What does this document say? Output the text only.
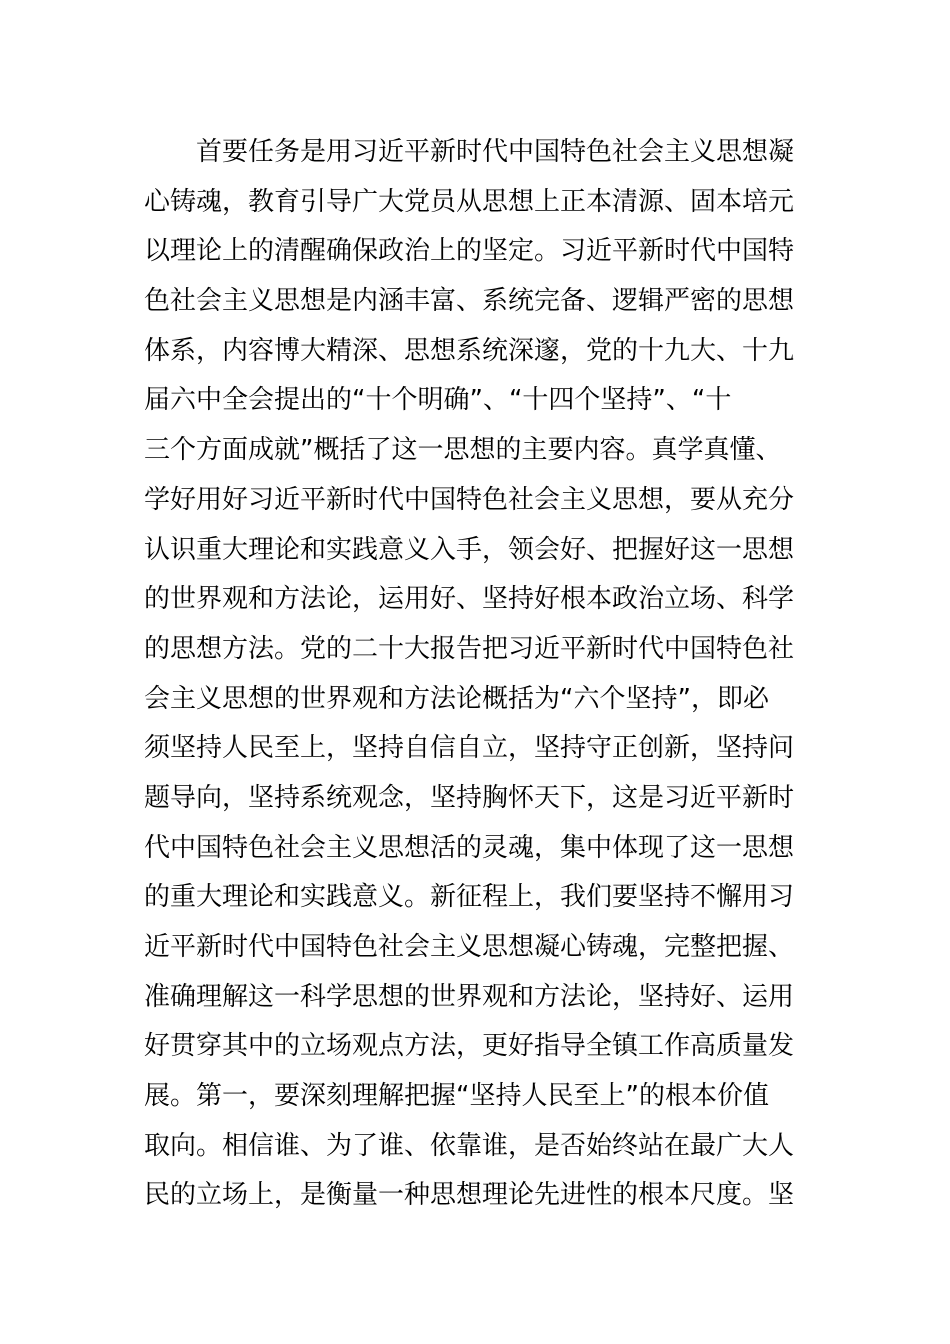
首要任务是用习近平新时代中国特色社会主义思想凝
心铸魂，教育引导广大党员从思想上正本清源、固本培元
以理论上的清醒确保政治上的坚定。习近平新时代中国特
色社会主义思想是内涵丰富、系统完备、逻辑严密的思想
体系，内容博大精深、思想系统深邃，党的十九大、十九
届六中全会提出的“十个明确”、“十四个坚持”、“十
三个方面成就”概括了这一思想的主要内容。真学真懂、
学好用好习近平新时代中国特色社会主义思想，要从充分
认识重大理论和实践意义入手，领会好、把握好这一思想
的世界观和方法论，运用好、坚持好根本政治立场、科学
的思想方法。党的二十大报告把习近平新时代中国特色社
会主义思想的世界观和方法论概括为“六个坚持”，即必
须坚持人民至上，坚持自信自立，坚持守正创新，坚持问
题导向，坚持系统观念，坚持胸怀天下，这是习近平新时
代中国特色社会主义思想活的灵魂，集中体现了这一思想
的重大理论和实践意义。新征程上，我们要坚持不懈用习
近平新时代中国特色社会主义思想凝心铸魂，完整把握、
准确理解这一科学思想的世界观和方法论，坚持好、运用
好贯穿其中的立场观点方法，更好指导全镇工作高质量发
展。第一，要深刻理解把握“坚持人民至上”的根本价值
取向。相信谁、为了谁、依靠谁，是否始终站在最广大人
民的立场上，是衡量一种思想理论先进性的根本尺度。坚
